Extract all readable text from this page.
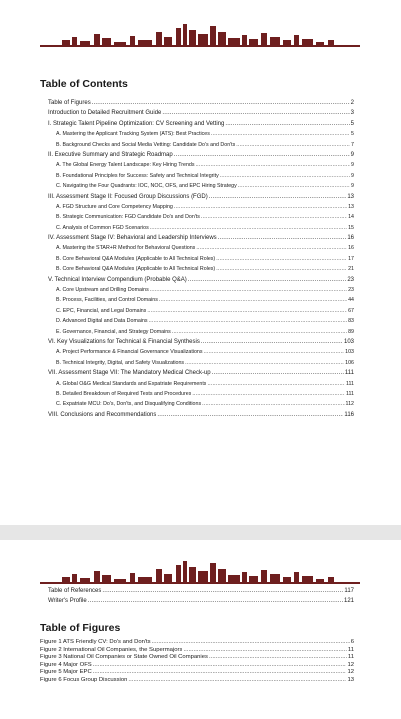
Table of Contents
Table of Figures .....	2
Introduction to Detailed Recruitment Guide .....	3
I. Strategic Talent Pipeline Optimization: CV Screening and Vetting .....	5
A. Mastering the Applicant Tracking System (ATS): Best Practices .....	5
B. Background Checks and Social Media Vetting: Candidate Do's and Don'ts .....	7
II. Executive Summary and Strategic Roadmap .....	9
A. The Global Energy Talent Landscape: Key Hiring Trends .....	9
B. Foundational Principles for Success: Safety and Technical Integrity .....	9
C. Navigating the Four Quadrants: IOC, NOC, OFS, and EPC Hiring Strategy .....	9
III. Assessment Stage II: Focused Group Discussions (FGD) .....	13
A. FGD Structure and Core Competency Mapping .....	13
B. Strategic Communication: FGD Candidate Do's and Don'ts .....	14
C. Analysis of Common FGD Scenarios .....	15
IV. Assessment Stage IV: Behavioral and Leadership Interviews .....	16
A. Mastering the STAR+R Method for Behavioral Questions .....	16
B. Core Behavioral Q&A Modules (Applicable to All Technical Roles) .....	17
B. Core Behavioral Q&A Modules (Applicable to All Technical Roles) .....	21
V. Technical Interview Compendium (Probable Q&A) .....	23
A. Core Upstream and Drilling Domains .....	23
B. Process, Facilities, and Control Domains .....	44
C. EPC, Financial, and Legal Domains .....	67
D. Advanced Digital and Data Domains .....	83
E. Governance, Financial, and Strategy Domains .....	89
VI. Key Visualizations for Technical & Financial Synthesis .....	103
A. Project Performance & Financial Governance Visualizations .....	103
B. Technical Integrity, Digital, and Safety Visualizations .....	106
VII. Assessment Stage VII: The Mandatory Medical Check-up .....	111
A. Global O&G Medical Standards and Expatriate Requirements .....	111
B. Detailed Breakdown of Required Tests and Procedures .....	111
C. Expatriate MCU: Do's, Don'ts, and Disqualifying Conditions .....	112
VIII. Conclusions and Recommendations .....	116
Table of References .....	117
Writer's Profile .....	121
Table of Figures
Figure 1 ATS Friendly CV: Do's and Don'ts .....	6
Figure 2 International Oil Companies, the Supermajors .....	11
Figure 3 National Oil Companies or State Owned Oil Companies .....	11
Figure 4 Major OFS .....	12
Figure 5 Major EPC .....	12
Figure 6 Focus Group Discussion .....	13
